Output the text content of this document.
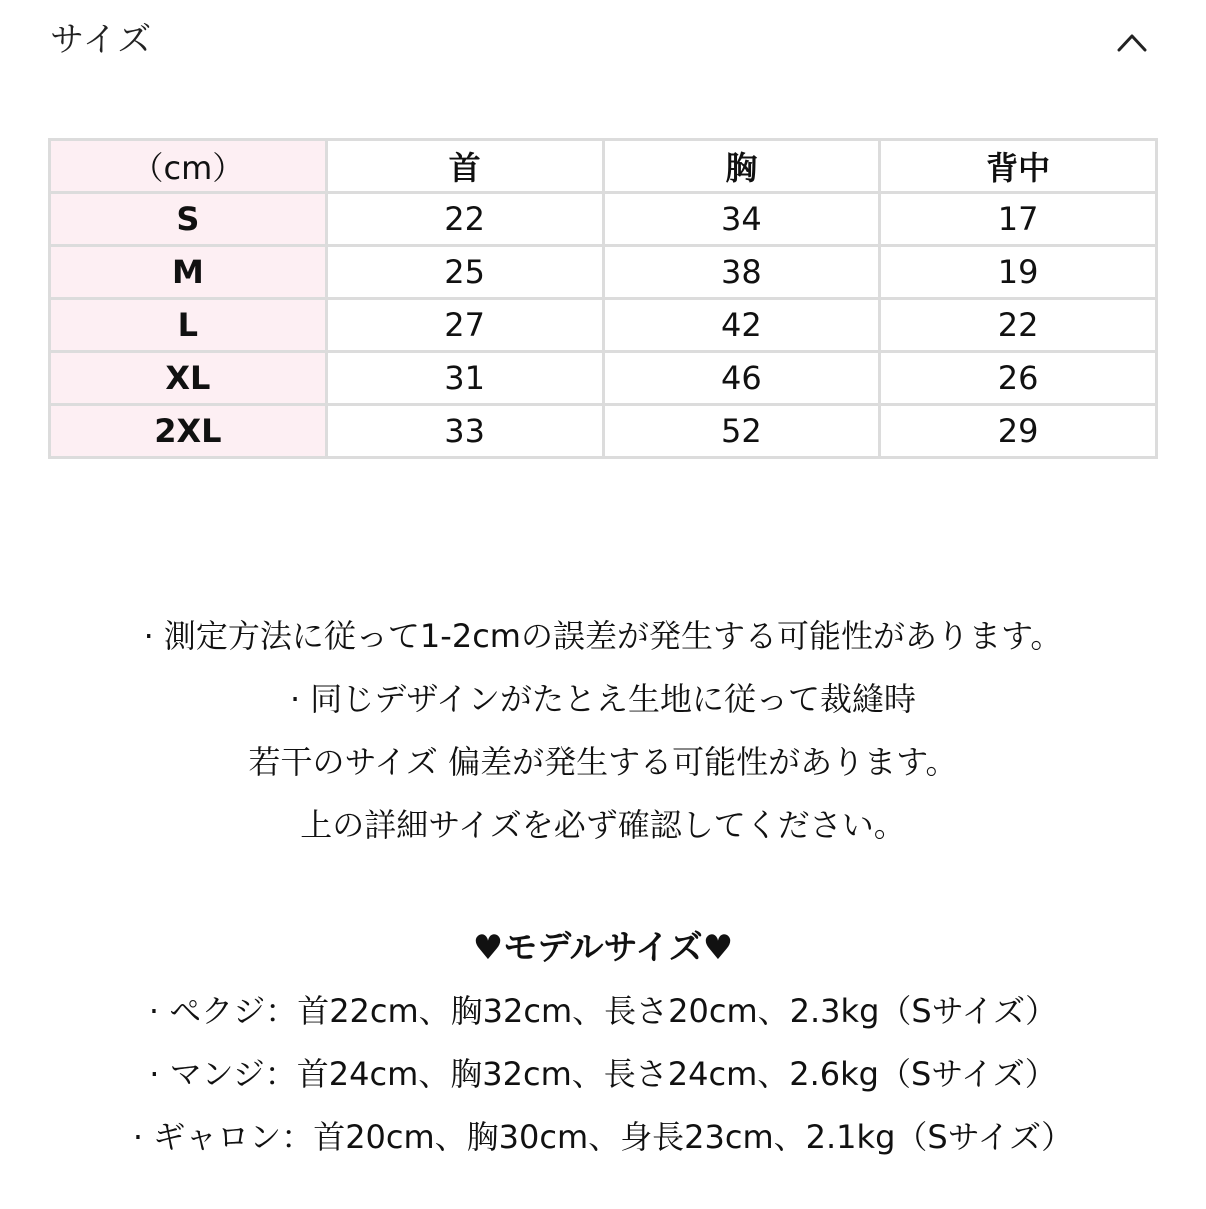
サイズ
（cm）	首	胸	背中
S	22	34	17
M	25	38	19
L	27	42	22
XL	31	46	26
2XL	33	52	29
· 測定方法に従って1-2cmの誤差が発生する可能性があります。
· 同じデザインがたとえ生地に従って裁縫時
若干のサイズ 偏差が発生する可能性があります。
上の詳細サイズを必ず確認してください。
♥モデルサイズ♥
· ペクジ：首22cm、胸32cm、長さ20cm、2.3kg（Sサイズ）
· マンジ：首24cm、胸32cm、長さ24cm、2.6kg（Sサイズ）
· ギャロン：首20cm、胸30cm、身長23cm、2.1kg（Sサイズ）
